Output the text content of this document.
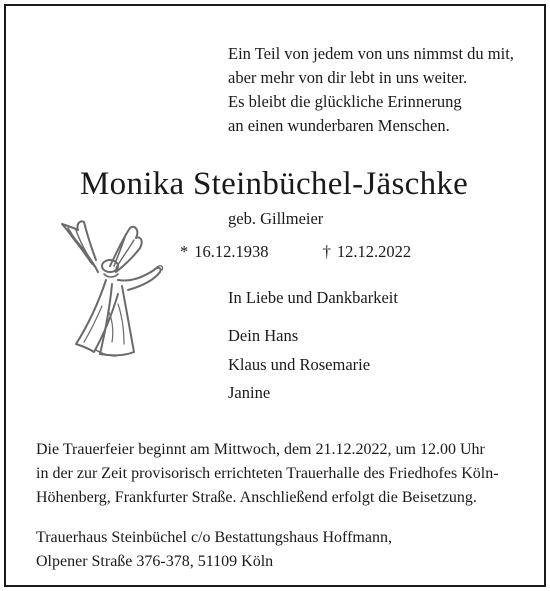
Ein Teil von jedem von uns nimmst du mit,
aber mehr von dir lebt in uns weiter.
Es bleibt die glückliche Erinnerung
an einen wunderbaren Menschen.
Monika Steinbüchel-Jäschke
geb. Gillmeier
* 16.12.1938	† 12.12.2022
In Liebe und Dankbarkeit
Dein Hans
Klaus und Rosemarie
Janine
Die Trauerfeier beginnt am Mittwoch, dem 21.12.2022, um 12.00 Uhr
in der zur Zeit provisorisch errichteten Trauerhalle des Friedhofes Köln-
Höhenberg, Frankfurter Straße. Anschließend erfolgt die Beisetzung.
Trauerhaus Steinbüchel c/o Bestattungshaus Hoffmann,
Olpener Straße 376-378, 51109 Köln
